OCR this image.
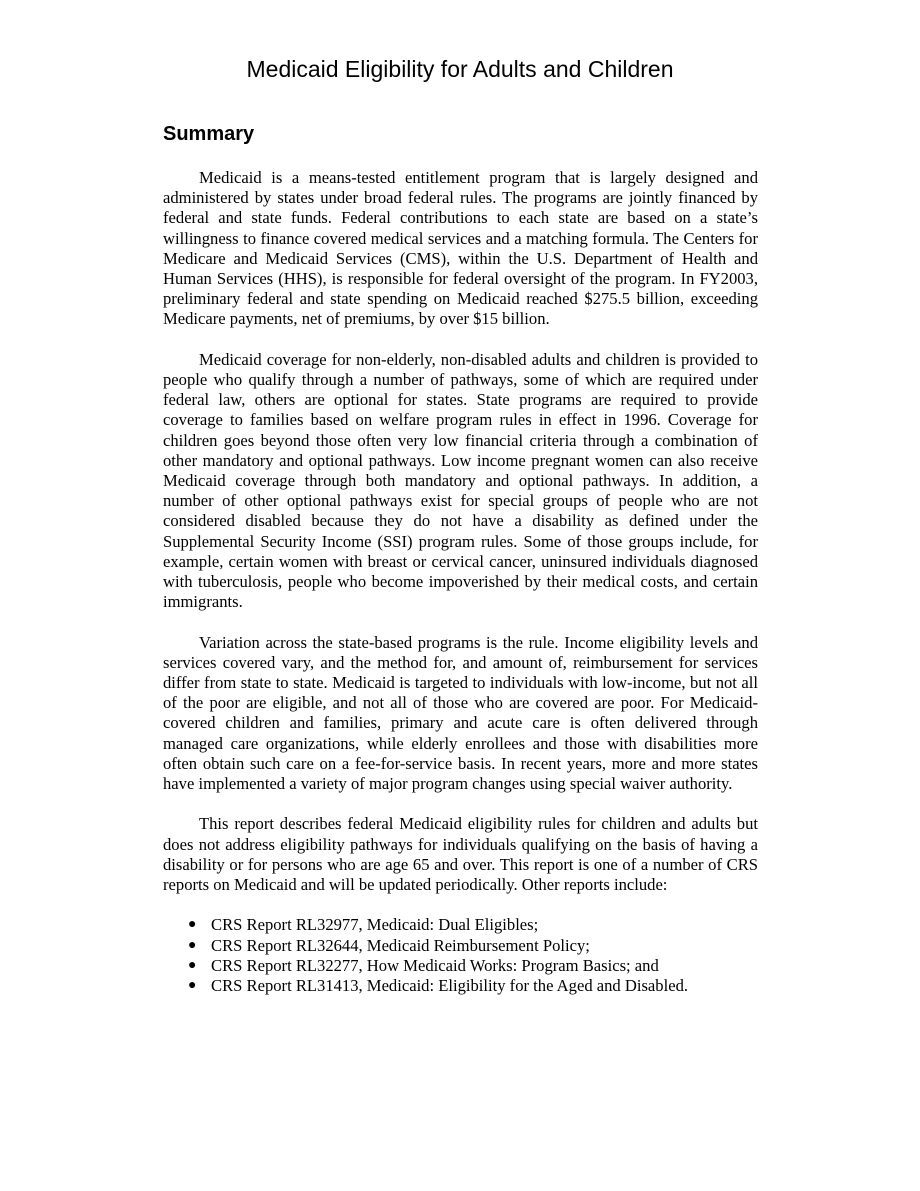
Medicaid Eligibility for Adults and Children
Summary

Medicaid is a means-tested entitlement program that is largely designed and administered by states under broad federal rules. The programs are jointly financed by federal and state funds. Federal contributions to each state are based on a state’s willingness to finance covered medical services and a matching formula. The Centers for Medicare and Medicaid Services (CMS), within the U.S. Department of Health and Human Services (HHS), is responsible for federal oversight of the program. In FY2003, preliminary federal and state spending on Medicaid reached $275.5 billion, exceeding Medicare payments, net of premiums, by over $15 billion.

Medicaid coverage for non-elderly, non-disabled adults and children is provided to people who qualify through a number of pathways, some of which are required under federal law, others are optional for states. State programs are required to provide coverage to families based on welfare program rules in effect in 1996. Coverage for children goes beyond those often very low financial criteria through a combination of other mandatory and optional pathways. Low income pregnant women can also receive Medicaid coverage through both mandatory and optional pathways. In addition, a number of other optional pathways exist for special groups of people who are not considered disabled because they do not have a disability as defined under the Supplemental Security Income (SSI) program rules. Some of those groups include, for example, certain women with breast or cervical cancer, uninsured individuals diagnosed with tuberculosis, people who become impoverished by their medical costs, and certain immigrants.

Variation across the state-based programs is the rule. Income eligibility levels and services covered vary, and the method for, and amount of, reimbursement for services differ from state to state. Medicaid is targeted to individuals with low-income, but not all of the poor are eligible, and not all of those who are covered are poor. For Medicaid-covered children and families, primary and acute care is often delivered through managed care organizations, while elderly enrollees and those with disabilities more often obtain such care on a fee-for-service basis. In recent years, more and more states have implemented a variety of major program changes using special waiver authority.

This report describes federal Medicaid eligibility rules for children and adults but does not address eligibility pathways for individuals qualifying on the basis of having a disability or for persons who are age 65 and over. This report is one of a number of CRS reports on Medicaid and will be updated periodically. Other reports include:

● CRS Report RL32977, Medicaid: Dual Eligibles;
● CRS Report RL32644, Medicaid Reimbursement Policy;
● CRS Report RL32277, How Medicaid Works: Program Basics; and
● CRS Report RL31413, Medicaid: Eligibility for the Aged and Disabled.
